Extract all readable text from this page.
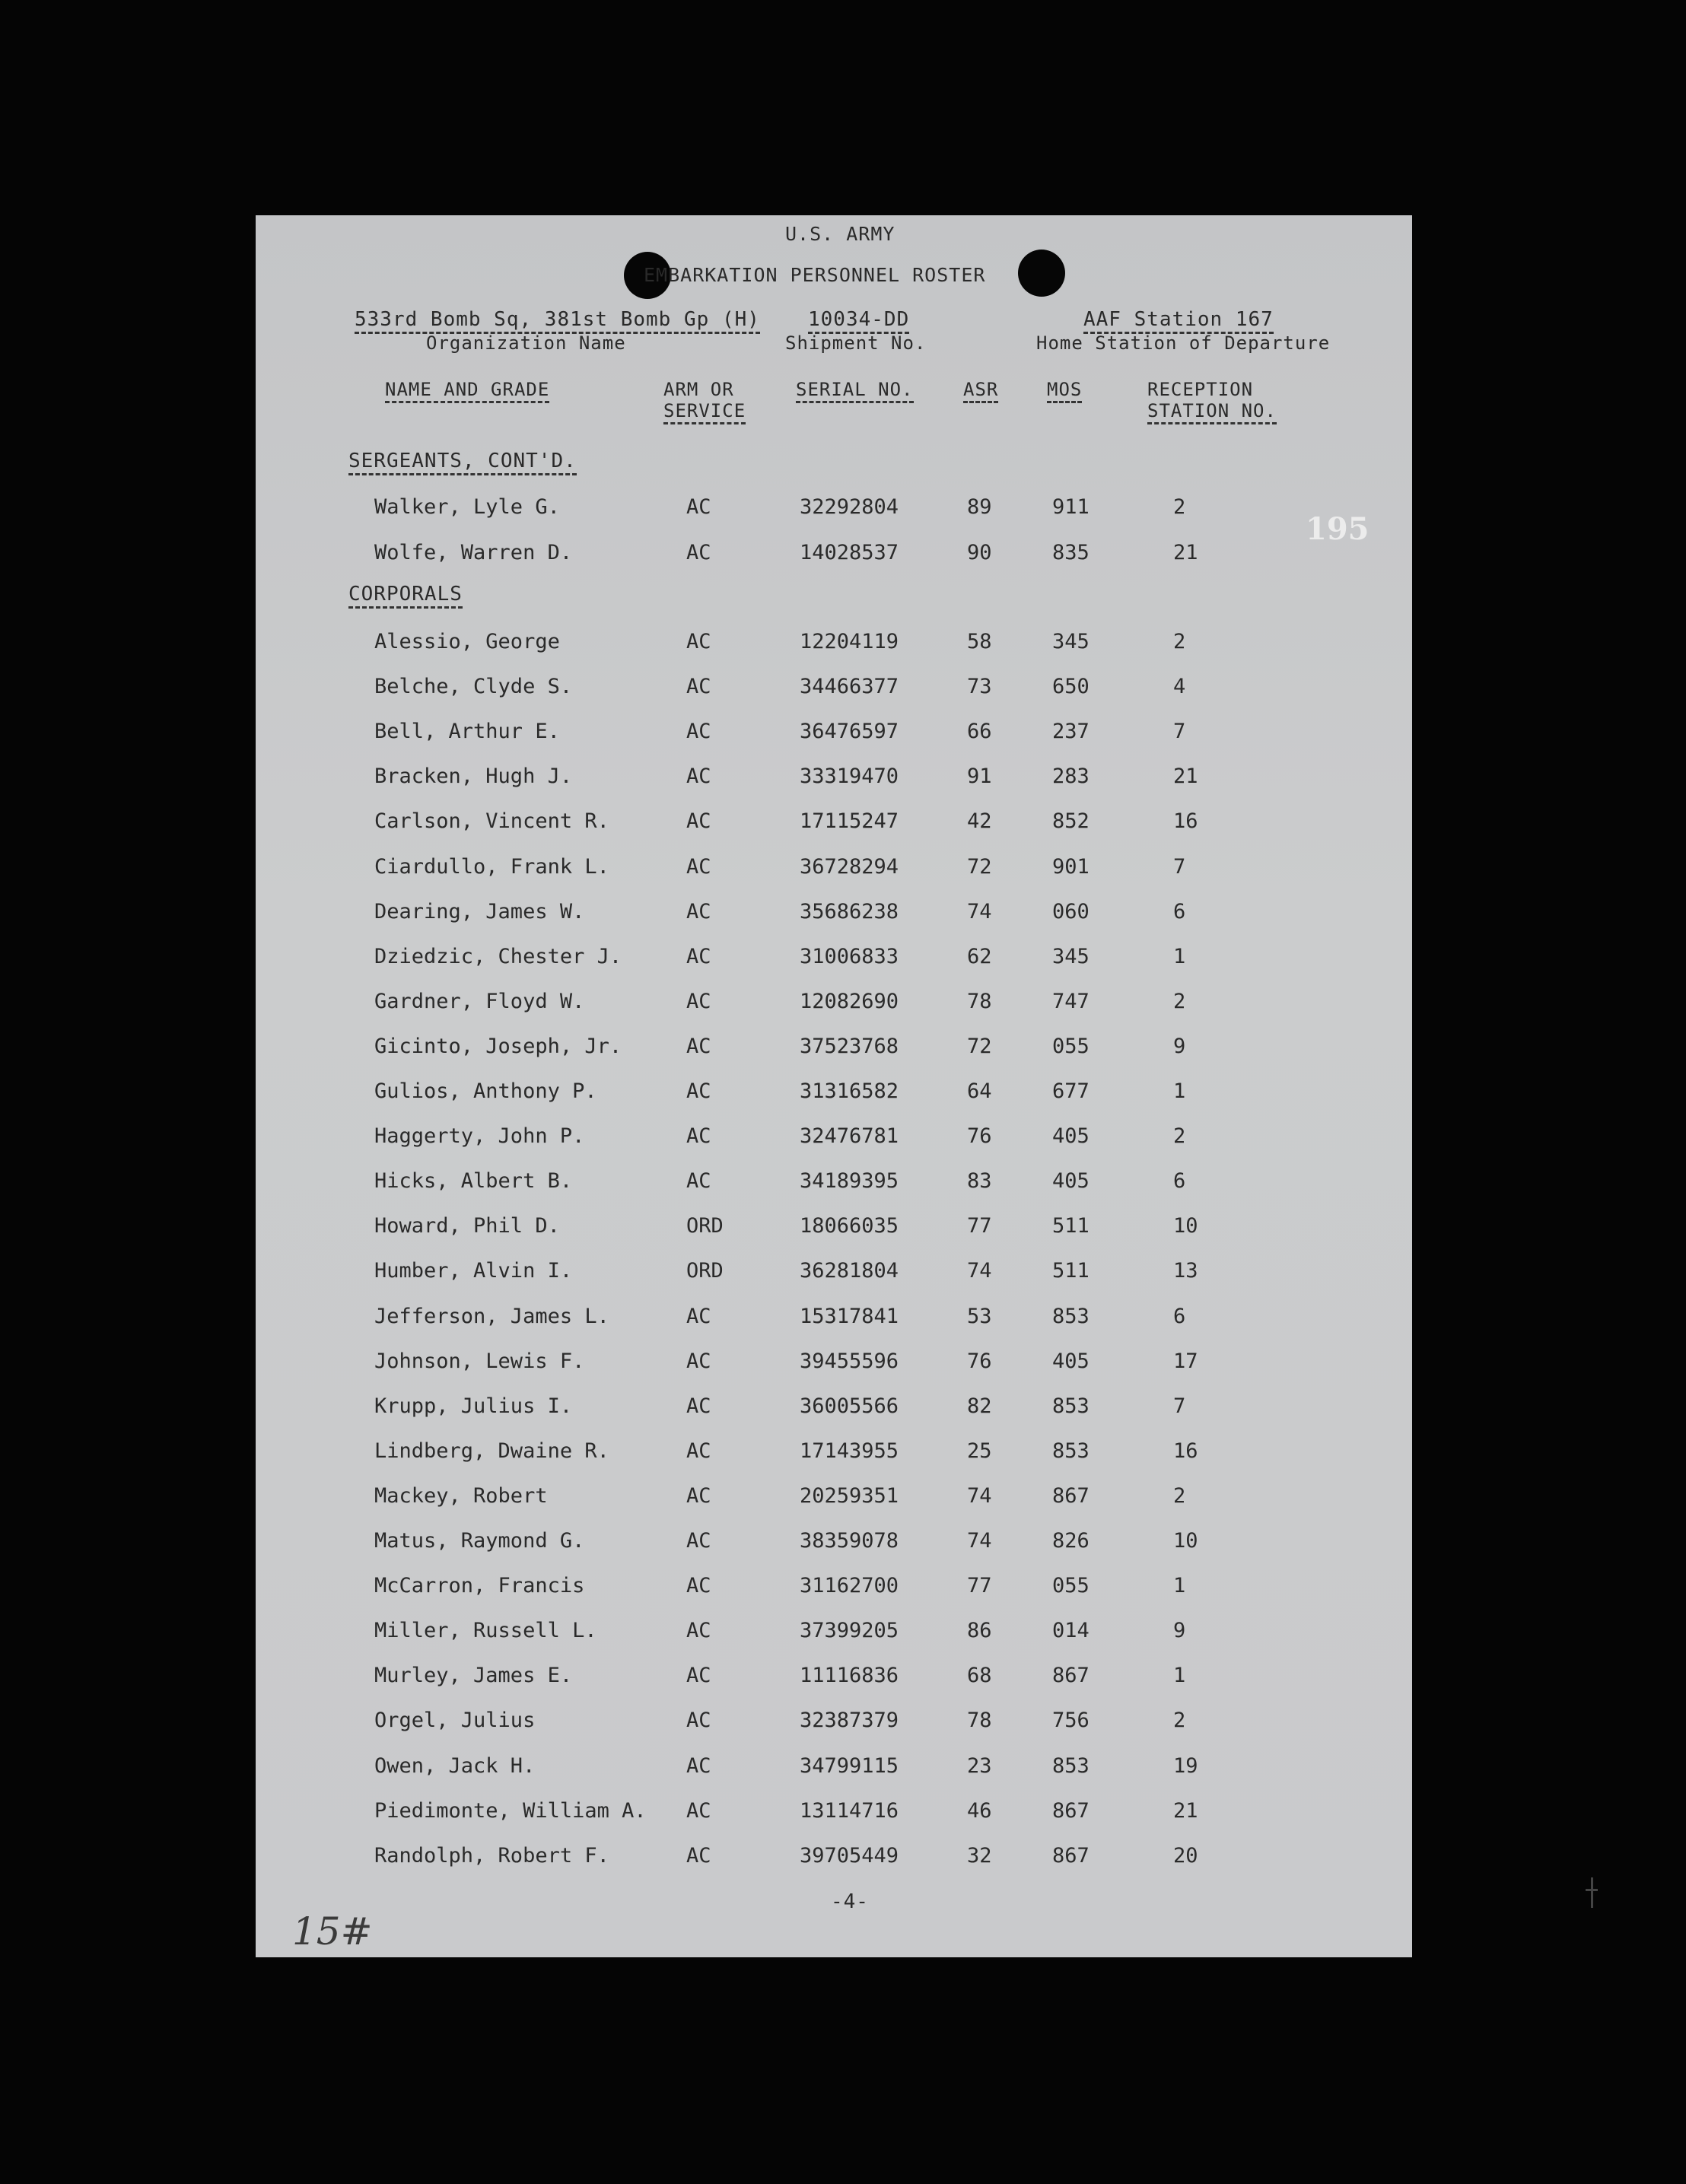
U.S. ARMY
EMBARKATION PERSONNEL ROSTER
533rd Bomb Sq, 381st Bomb Gp (H)
Organization Name
10034-DD
Shipment No.
AAF Station 167
Home Station of Departure
NAME AND GRADE	ARM OR
SERVICE
SERIAL NO.	ASR	MOS	RECEPTION
STATION NO.
SERGEANTS, CONT'D.
Walker, Lyle G.	AC	32292804	89	911	2
Wolfe, Warren D.	AC	14028537	90	835	21
CORPORALS
Alessio, George	AC	12204119	58	345	2
Belche, Clyde S.	AC	34466377	73	650	4
Bell, Arthur E.	AC	36476597	66	237	7
Bracken, Hugh J.	AC	33319470	91	283	21
Carlson, Vincent R.	AC	17115247	42	852	16
Ciardullo, Frank L.	AC	36728294	72	901	7
Dearing, James W.	AC	35686238	74	060	6
Dziedzic, Chester J.	AC	31006833	62	345	1
Gardner, Floyd W.	AC	12082690	78	747	2
Gicinto, Joseph, Jr.	AC	37523768	72	055	9
Gulios, Anthony P.	AC	31316582	64	677	1
Haggerty, John P.	AC	32476781	76	405	2
Hicks, Albert B.	AC	34189395	83	405	6
Howard, Phil D.	ORD	18066035	77	511	10
Humber, Alvin I.	ORD	36281804	74	511	13
Jefferson, James L.	AC	15317841	53	853	6
Johnson, Lewis F.	AC	39455596	76	405	17
Krupp, Julius I.	AC	36005566	82	853	7
Lindberg, Dwaine R.	AC	17143955	25	853	16
Mackey, Robert	AC	20259351	74	867	2
Matus, Raymond G.	AC	38359078	74	826	10
McCarron, Francis	AC	31162700	77	055	1
Miller, Russell L.	AC	37399205	86	014	9
Murley, James E.	AC	11116836	68	867	1
Orgel, Julius	AC	32387379	78	756	2
Owen, Jack H.	AC	34799115	23	853	19
Piedimonte, William A. AC	13114716	46	867	21
Randolph, Robert F.	AC	39705449	32	867	20
-4-
195
15#
